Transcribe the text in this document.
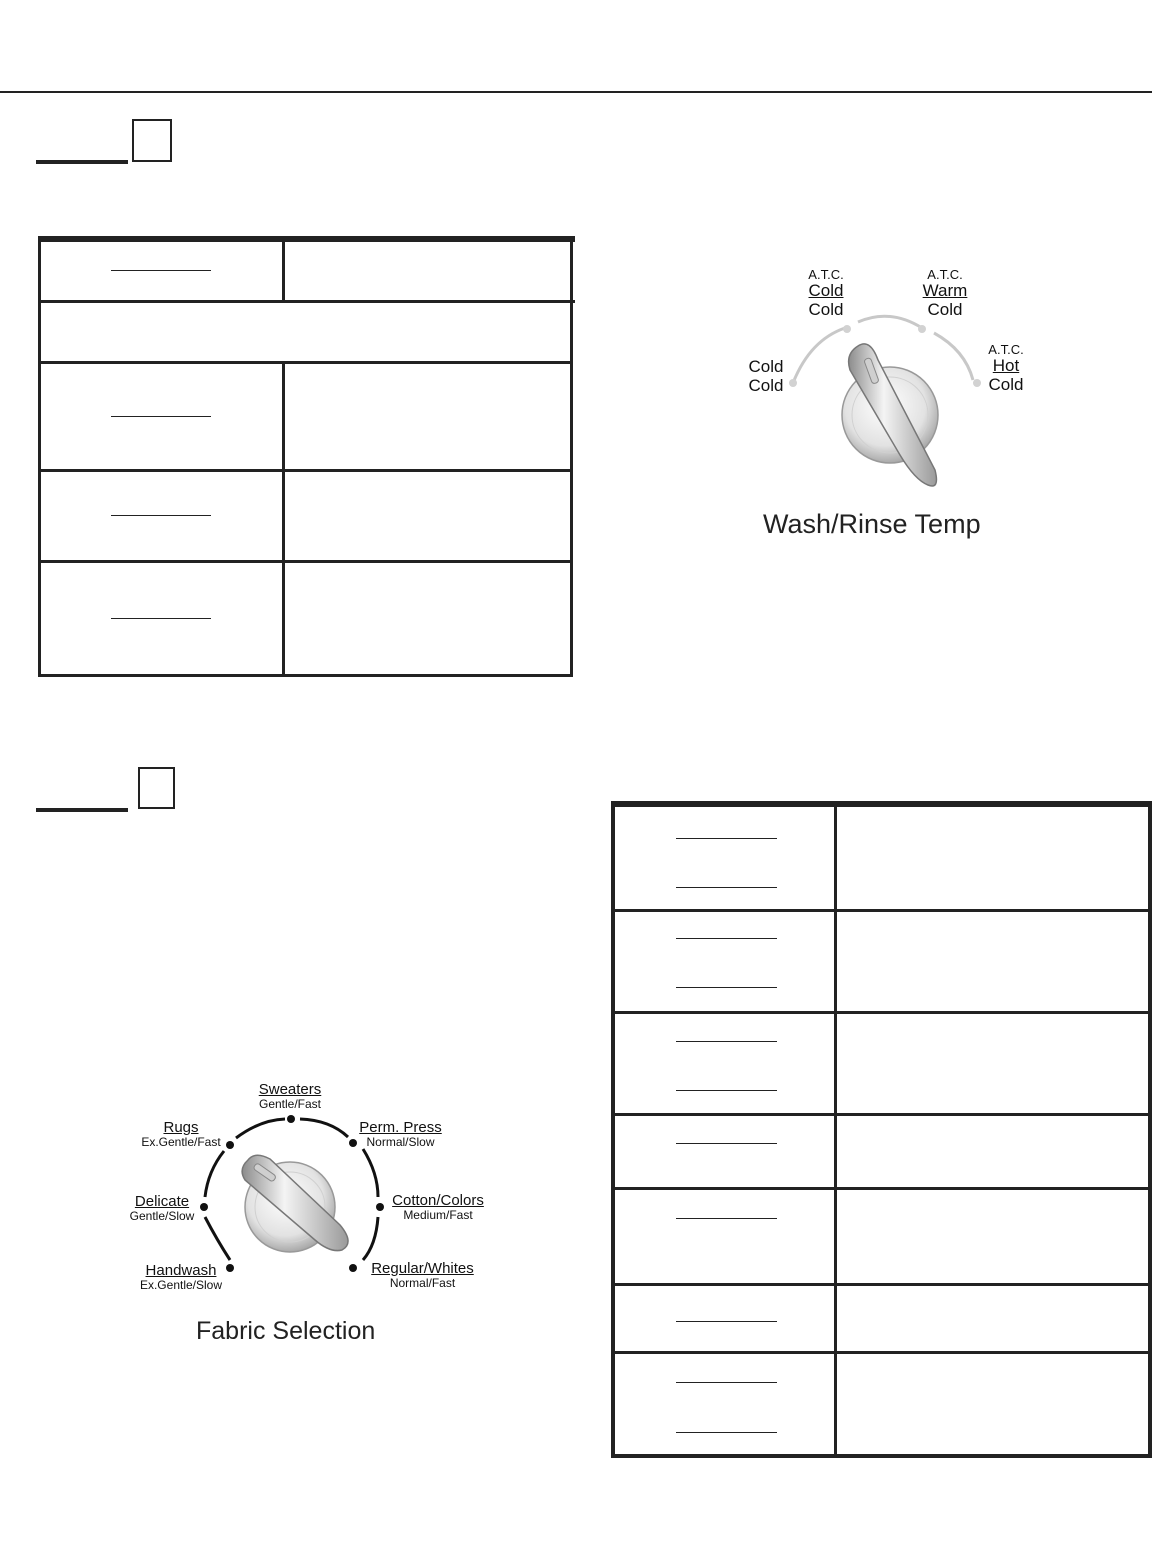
Cold
Cold
A.T.C.
Cold
Cold
A.T.C.
Warm
Cold
A.T.C.
Hot
Cold
Wash/Rinse Temp
Sweaters
Gentle/Fast
Perm. Press
Normal/Slow
Cotton/Colors
Medium/Fast
Regular/Whites
Normal/Fast
Handwash
Ex.Gentle/Slow
Delicate
Gentle/Slow
Rugs
Ex.Gentle/Fast
Fabric Selection
